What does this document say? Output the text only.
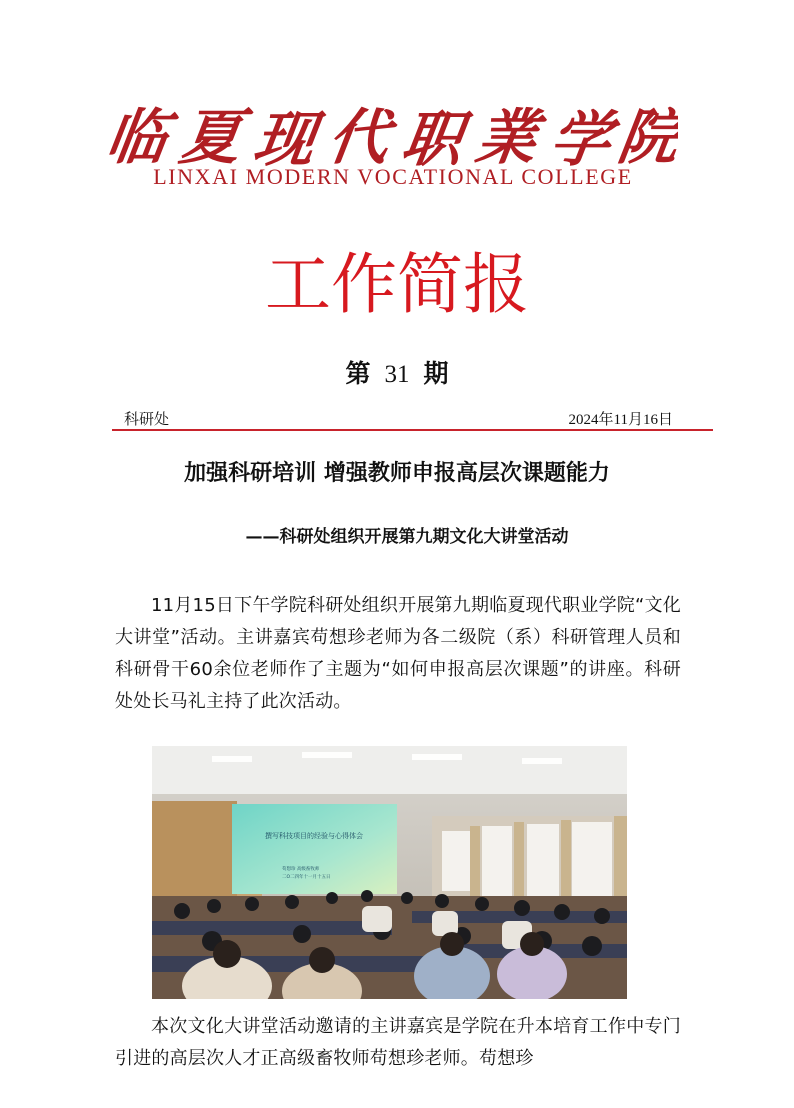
临 夏 现 代 职 業 学
院
LINXAI MODERN VOCATIONAL COLLEGE
工作简报
第 31 期
科研处	2024年11月16日
加强科研培训 增强教师申报高层次课题能力
——科研处组织开展第九期文化大讲堂活动
11月15日下午学院科研处组织开展第九期临夏现代职业学院“文化大讲堂”活动。主讲嘉宾苟想珍老师为各二级院（系）科研管理人员和科研骨干60余位老师作了主题为“如何申报高层次课题”的讲座。科研处处长马礼主持了此次活动。
撰写科技项目的经验与心得体会
苟想珍 高级畜牧师
二O二四年十一月十五日
本次文化大讲堂活动邀请的主讲嘉宾是学院在升本培育工作中专门引进的高层次人才正高级畜牧师苟想珍老师。苟想珍
